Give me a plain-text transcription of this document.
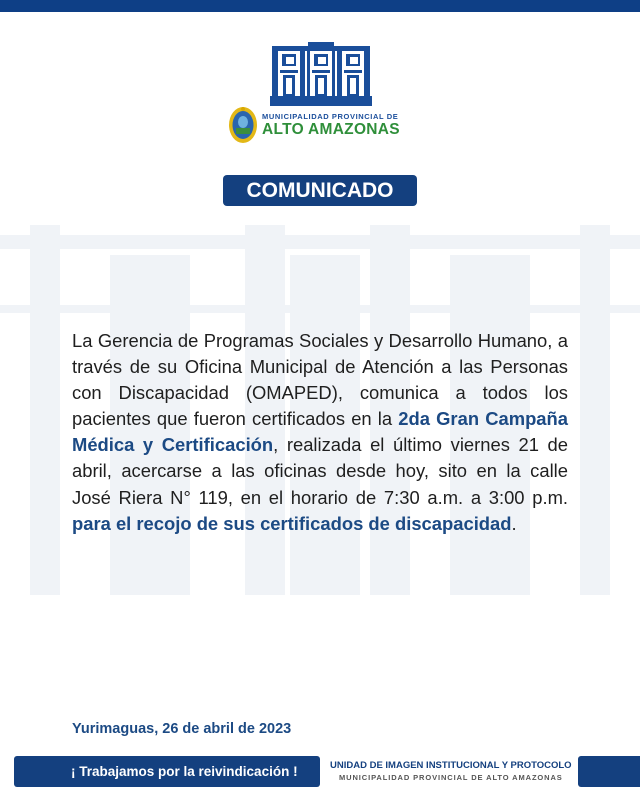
MUNICIPALIDAD PROVINCIAL DE
ALTO AMAZONAS
COMUNICADO
La Gerencia de Programas Sociales y Desarrollo Humano, a través de su Oficina Municipal de Atención a las Personas con Discapacidad (OMAPED), comunica a todos los pacientes que fueron certificados en la 2da Gran Campaña Médica y Certificación, realizada el último viernes 21 de abril, acercarse a las oficinas desde hoy, sito en la calle José Riera N° 119, en el horario de 7:30 a.m. a 3:00 p.m. para el recojo de sus certificados de discapacidad.
Yurimaguas, 26 de abril de 2023
¡ Trabajamos por la reivindicación !	UNIDAD DE IMAGEN INSTITUCIONAL Y PROTOCOLO
MUNICIPALIDAD PROVINCIAL DE ALTO AMAZONAS
